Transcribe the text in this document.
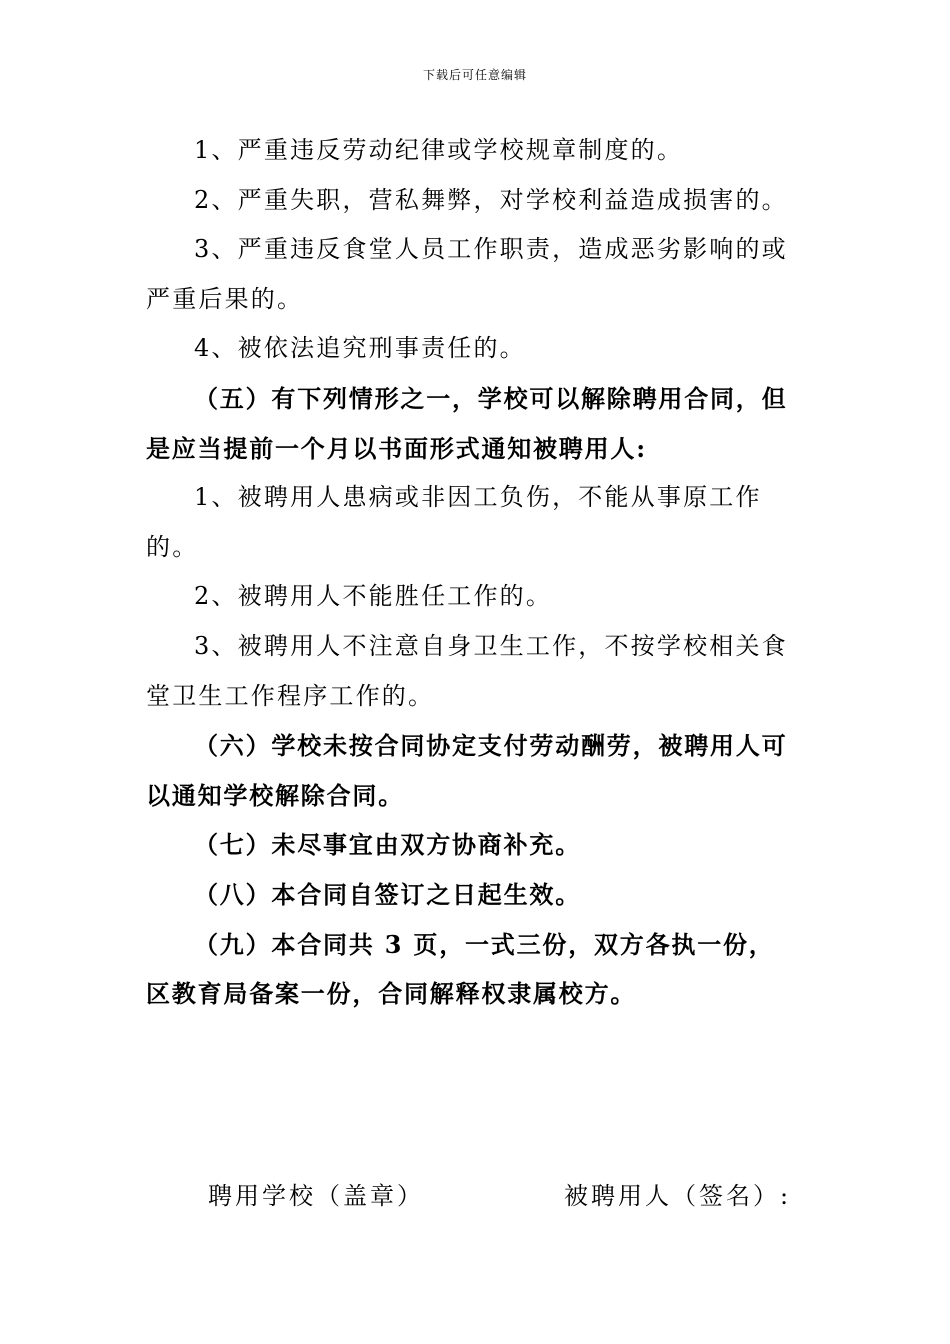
下载后可任意编辑

1、严重违反劳动纪律或学校规章制度的。

2、严重失职，营私舞弊，对学校利益造成损害的。

3、严重违反食堂人员工作职责，造成恶劣影响的或严重后果的。

4、被依法追究刑事责任的。

（五）有下列情形之一，学校可以解除聘用合同，但是应当提前一个月以书面形式通知被聘用人:

1、被聘用人患病或非因工负伤，不能从事原工作的。

2、被聘用人不能胜任工作的。

3、被聘用人不注意自身卫生工作，不按学校相关食堂卫生工作程序工作的。

（六）学校未按合同协定支付劳动酬劳，被聘用人可以通知学校解除合同。

（七）未尽事宜由双方协商补充。

（八）本合同自签订之日起生效。

（九）本合同共 3 页，一式三份，双方各执一份，区教育局备案一份，合同解释权隶属校方。

聘用学校（盖章）	被聘用人（签名）:
